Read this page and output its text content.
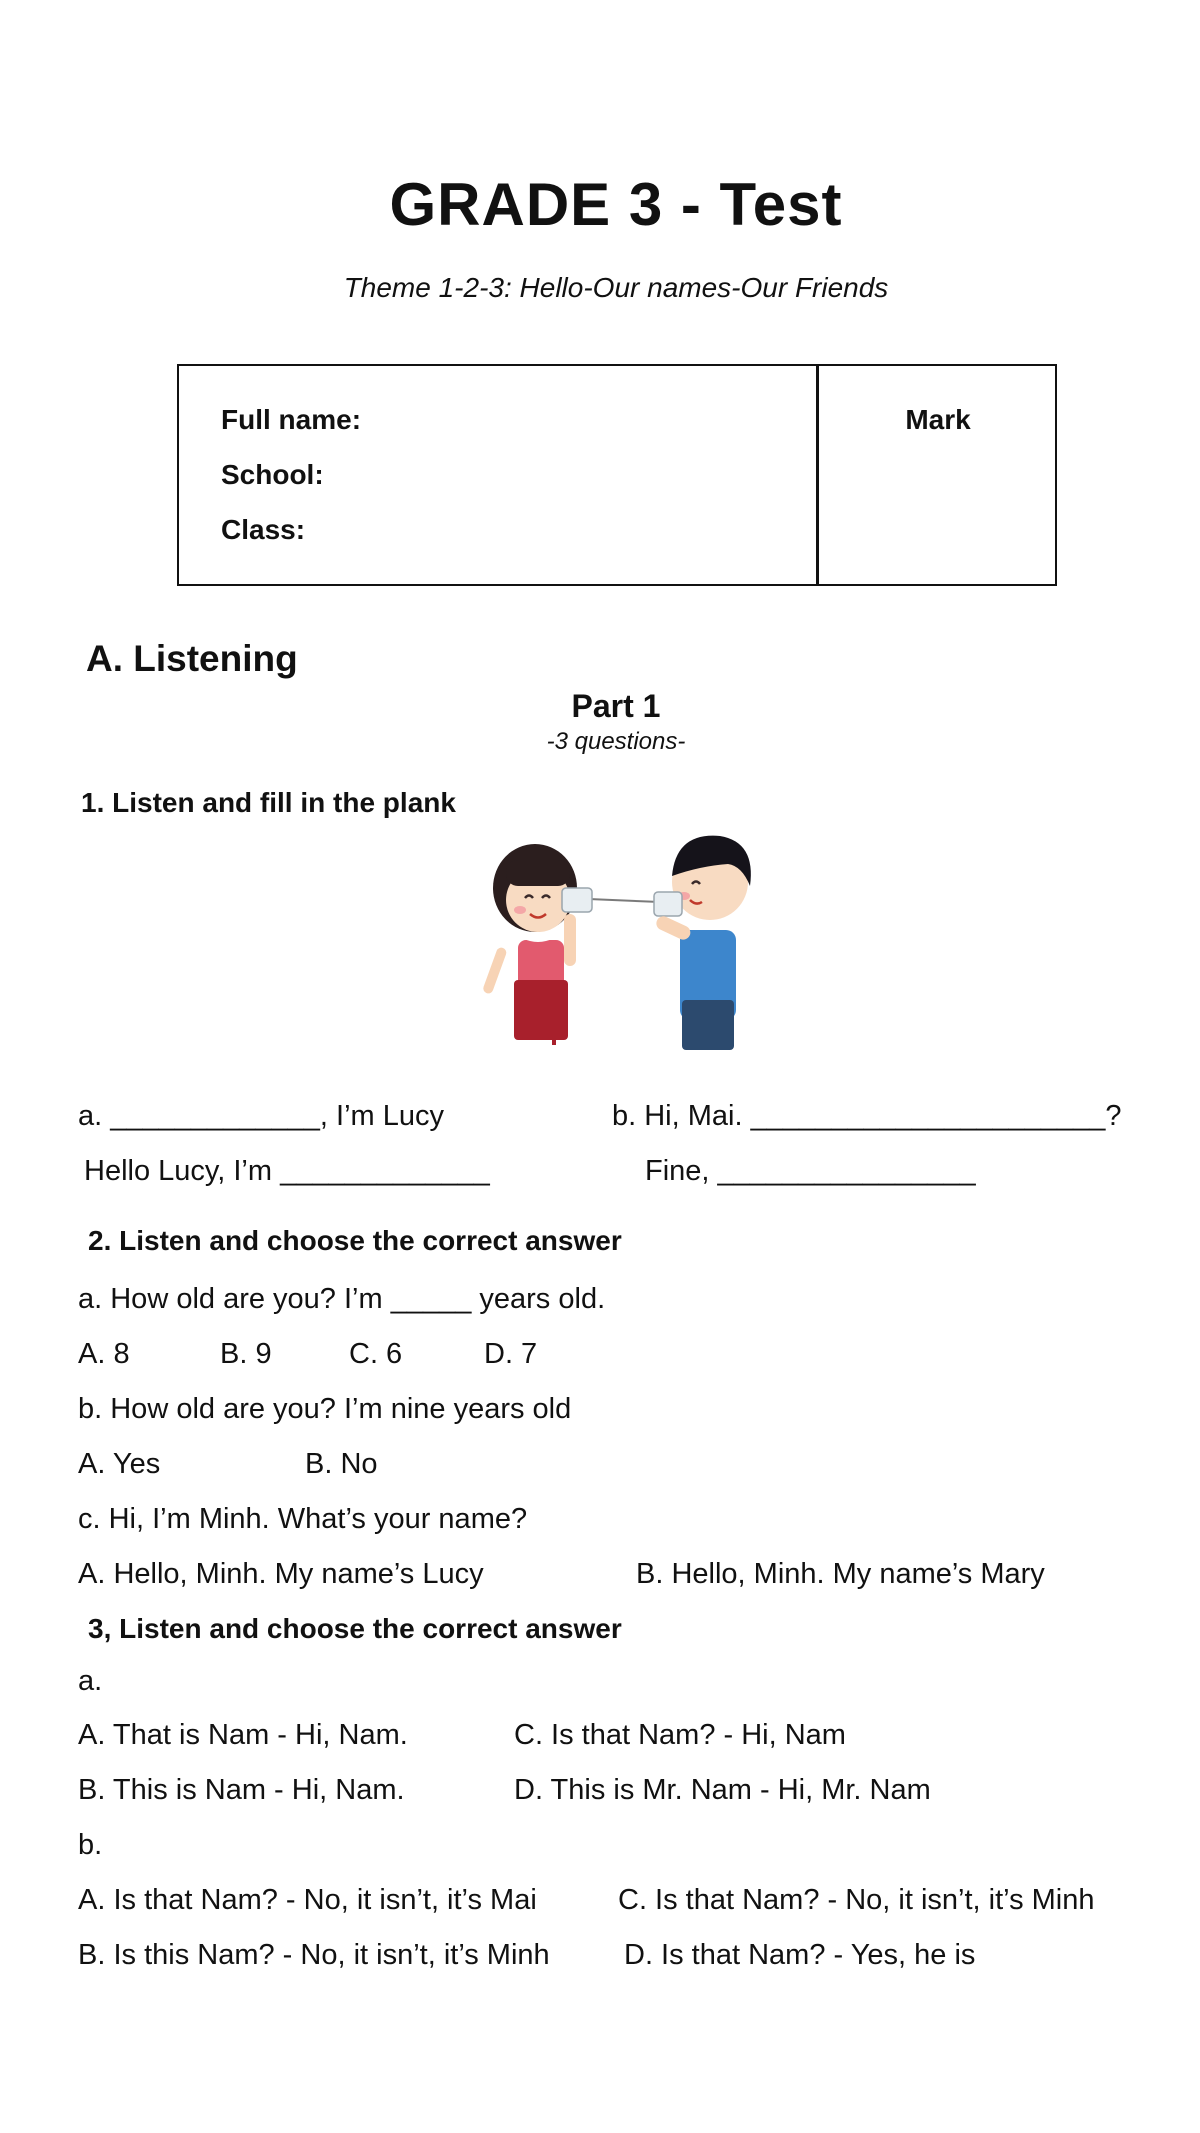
GRADE 3 - Test
Theme 1-2-3: Hello-Our names-Our Friends
Full name:
School:
Class:
Mark
A. Listening
Part 1
-3 questions-
1. Listen and fill in the plank
a. _____________, I’m Lucy
Hello Lucy, I’m _____________
b. Hi, Mai. ______________________?
Fine, ________________
2. Listen and choose the correct answer
a. How old are you? I’m _____ years old.
A. 8	B. 9	C. 6	D. 7
b. How old are you? I’m nine years old
A. Yes	B. No
c. Hi, I’m Minh. What’s your name?
A. Hello, Minh. My name’s Lucy	B. Hello, Minh. My name’s Mary
3, Listen and choose the correct answer
a.
A. That is Nam - Hi, Nam.	C. Is that Nam? - Hi, Nam
B. This is Nam - Hi, Nam.	D. This is Mr. Nam - Hi, Mr. Nam
b.
A. Is that Nam? - No, it isn’t, it’s Mai	C. Is that Nam? - No, it isn’t, it’s Minh
B. Is this Nam? - No, it isn’t, it’s Minh	D. Is that Nam? - Yes, he is
